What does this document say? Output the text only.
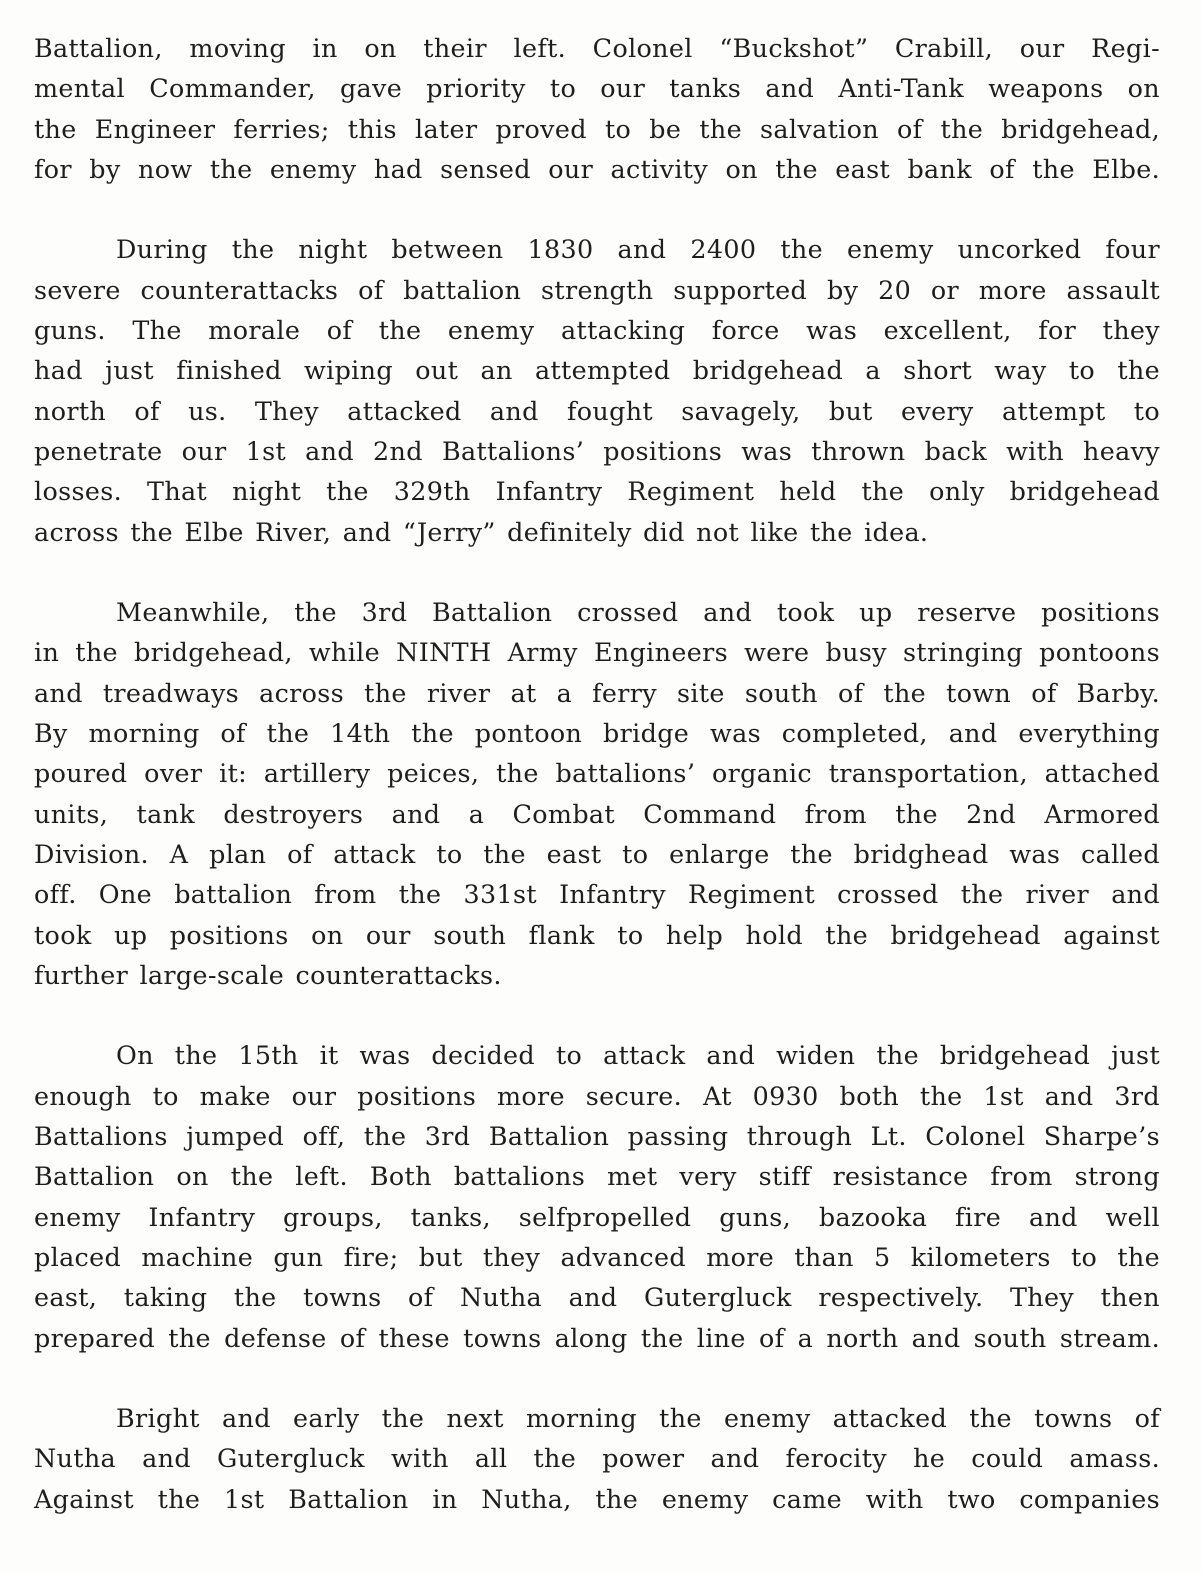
Battalion, moving in on their left. Colonel “Buckshot” Crabill, our Regi-
mental Commander, gave priority to our tanks and Anti-Tank weapons on
the Engineer ferries; this later proved to be the salvation of the bridgehead,
for by now the enemy had sensed our activity on the east bank of the Elbe.
During the night between 1830 and 2400 the enemy uncorked four
severe counterattacks of battalion strength supported by 20 or more assault
guns. The morale of the enemy attacking force was excellent, for they
had just finished wiping out an attempted bridgehead a short way to the
north of us. They attacked and fought savagely, but every attempt to
penetrate our 1st and 2nd Battalions’ positions was thrown back with heavy
losses. That night the 329th Infantry Regiment held the only bridgehead
across the Elbe River, and “Jerry” definitely did not like the idea.
Meanwhile, the 3rd Battalion crossed and took up reserve positions
in the bridgehead, while NINTH Army Engineers were busy stringing pontoons
and treadways across the river at a ferry site south of the town of Barby.
By morning of the 14th the pontoon bridge was completed, and everything
poured over it: artillery peices, the battalions’ organic transportation, attached
units, tank destroyers and a Combat Command from the 2nd Armored
Division. A plan of attack to the east to enlarge the bridghead was called
off. One battalion from the 331st Infantry Regiment crossed the river and
took up positions on our south flank to help hold the bridgehead against
further large-scale counterattacks.
On the 15th it was decided to attack and widen the bridgehead just
enough to make our positions more secure. At 0930 both the 1st and 3rd
Battalions jumped off, the 3rd Battalion passing through Lt. Colonel Sharpe’s
Battalion on the left. Both battalions met very stiff resistance from strong
enemy Infantry groups, tanks, selfpropelled guns, bazooka fire and well
placed machine gun fire; but they advanced more than 5 kilometers to the
east, taking the towns of Nutha and Gutergluck respectively. They then
prepared the defense of these towns along the line of a north and south stream.
Bright and early the next morning the enemy attacked the towns of
Nutha and Gutergluck with all the power and ferocity he could amass.
Against the 1st Battalion in Nutha, the enemy came with two companies
